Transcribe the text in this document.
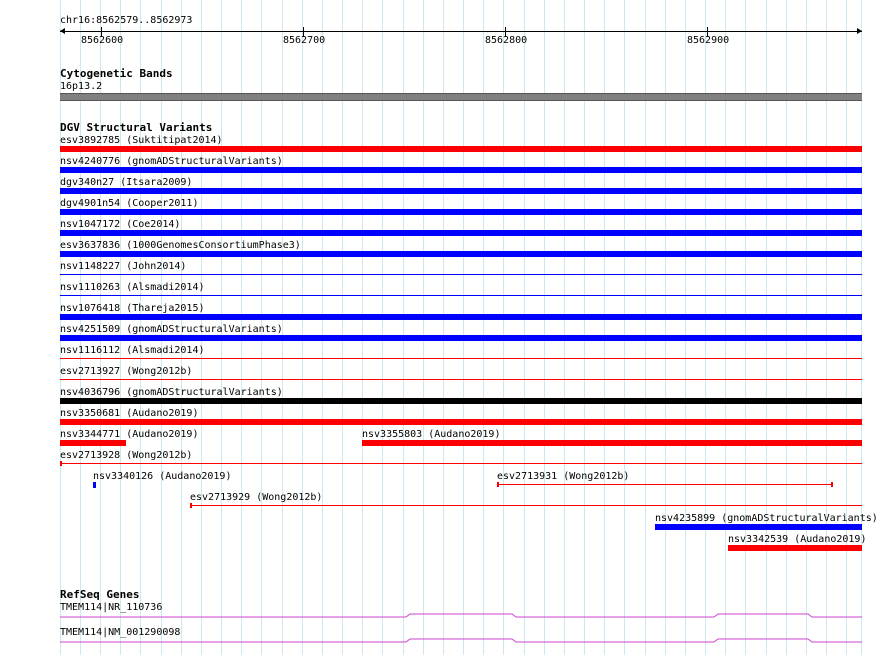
chr16:8562579..8562973
8562600	8562700	8562800	8562900
Cytogenetic Bands
16p13.2
DGV Structural Variants
esv3892785 (Suktitipat2014)
nsv4240776 (gnomADStructuralVariants)
dgv340n27 (Itsara2009)
dgv4901n54 (Cooper2011)
nsv1047172 (Coe2014)
esv3637836 (1000GenomesConsortiumPhase3)
nsv1148227 (John2014)
nsv1110263 (Alsmadi2014)
nsv1076418 (Thareja2015)
nsv4251509 (gnomADStructuralVariants)
nsv1116112 (Alsmadi2014)
esv2713927 (Wong2012b)
nsv4036796 (gnomADStructuralVariants)
nsv3350681 (Audano2019)
nsv3344771 (Audano2019)	nsv3355803 (Audano2019)
esv2713928 (Wong2012b)
nsv3340126 (Audano2019)	esv2713931 (Wong2012b)
esv2713929 (Wong2012b)
nsv4235899 (gnomADStructuralVariants)
nsv3342539 (Audano2019)
RefSeq Genes
TMEM114|NR_110736
TMEM114|NM_001290098
